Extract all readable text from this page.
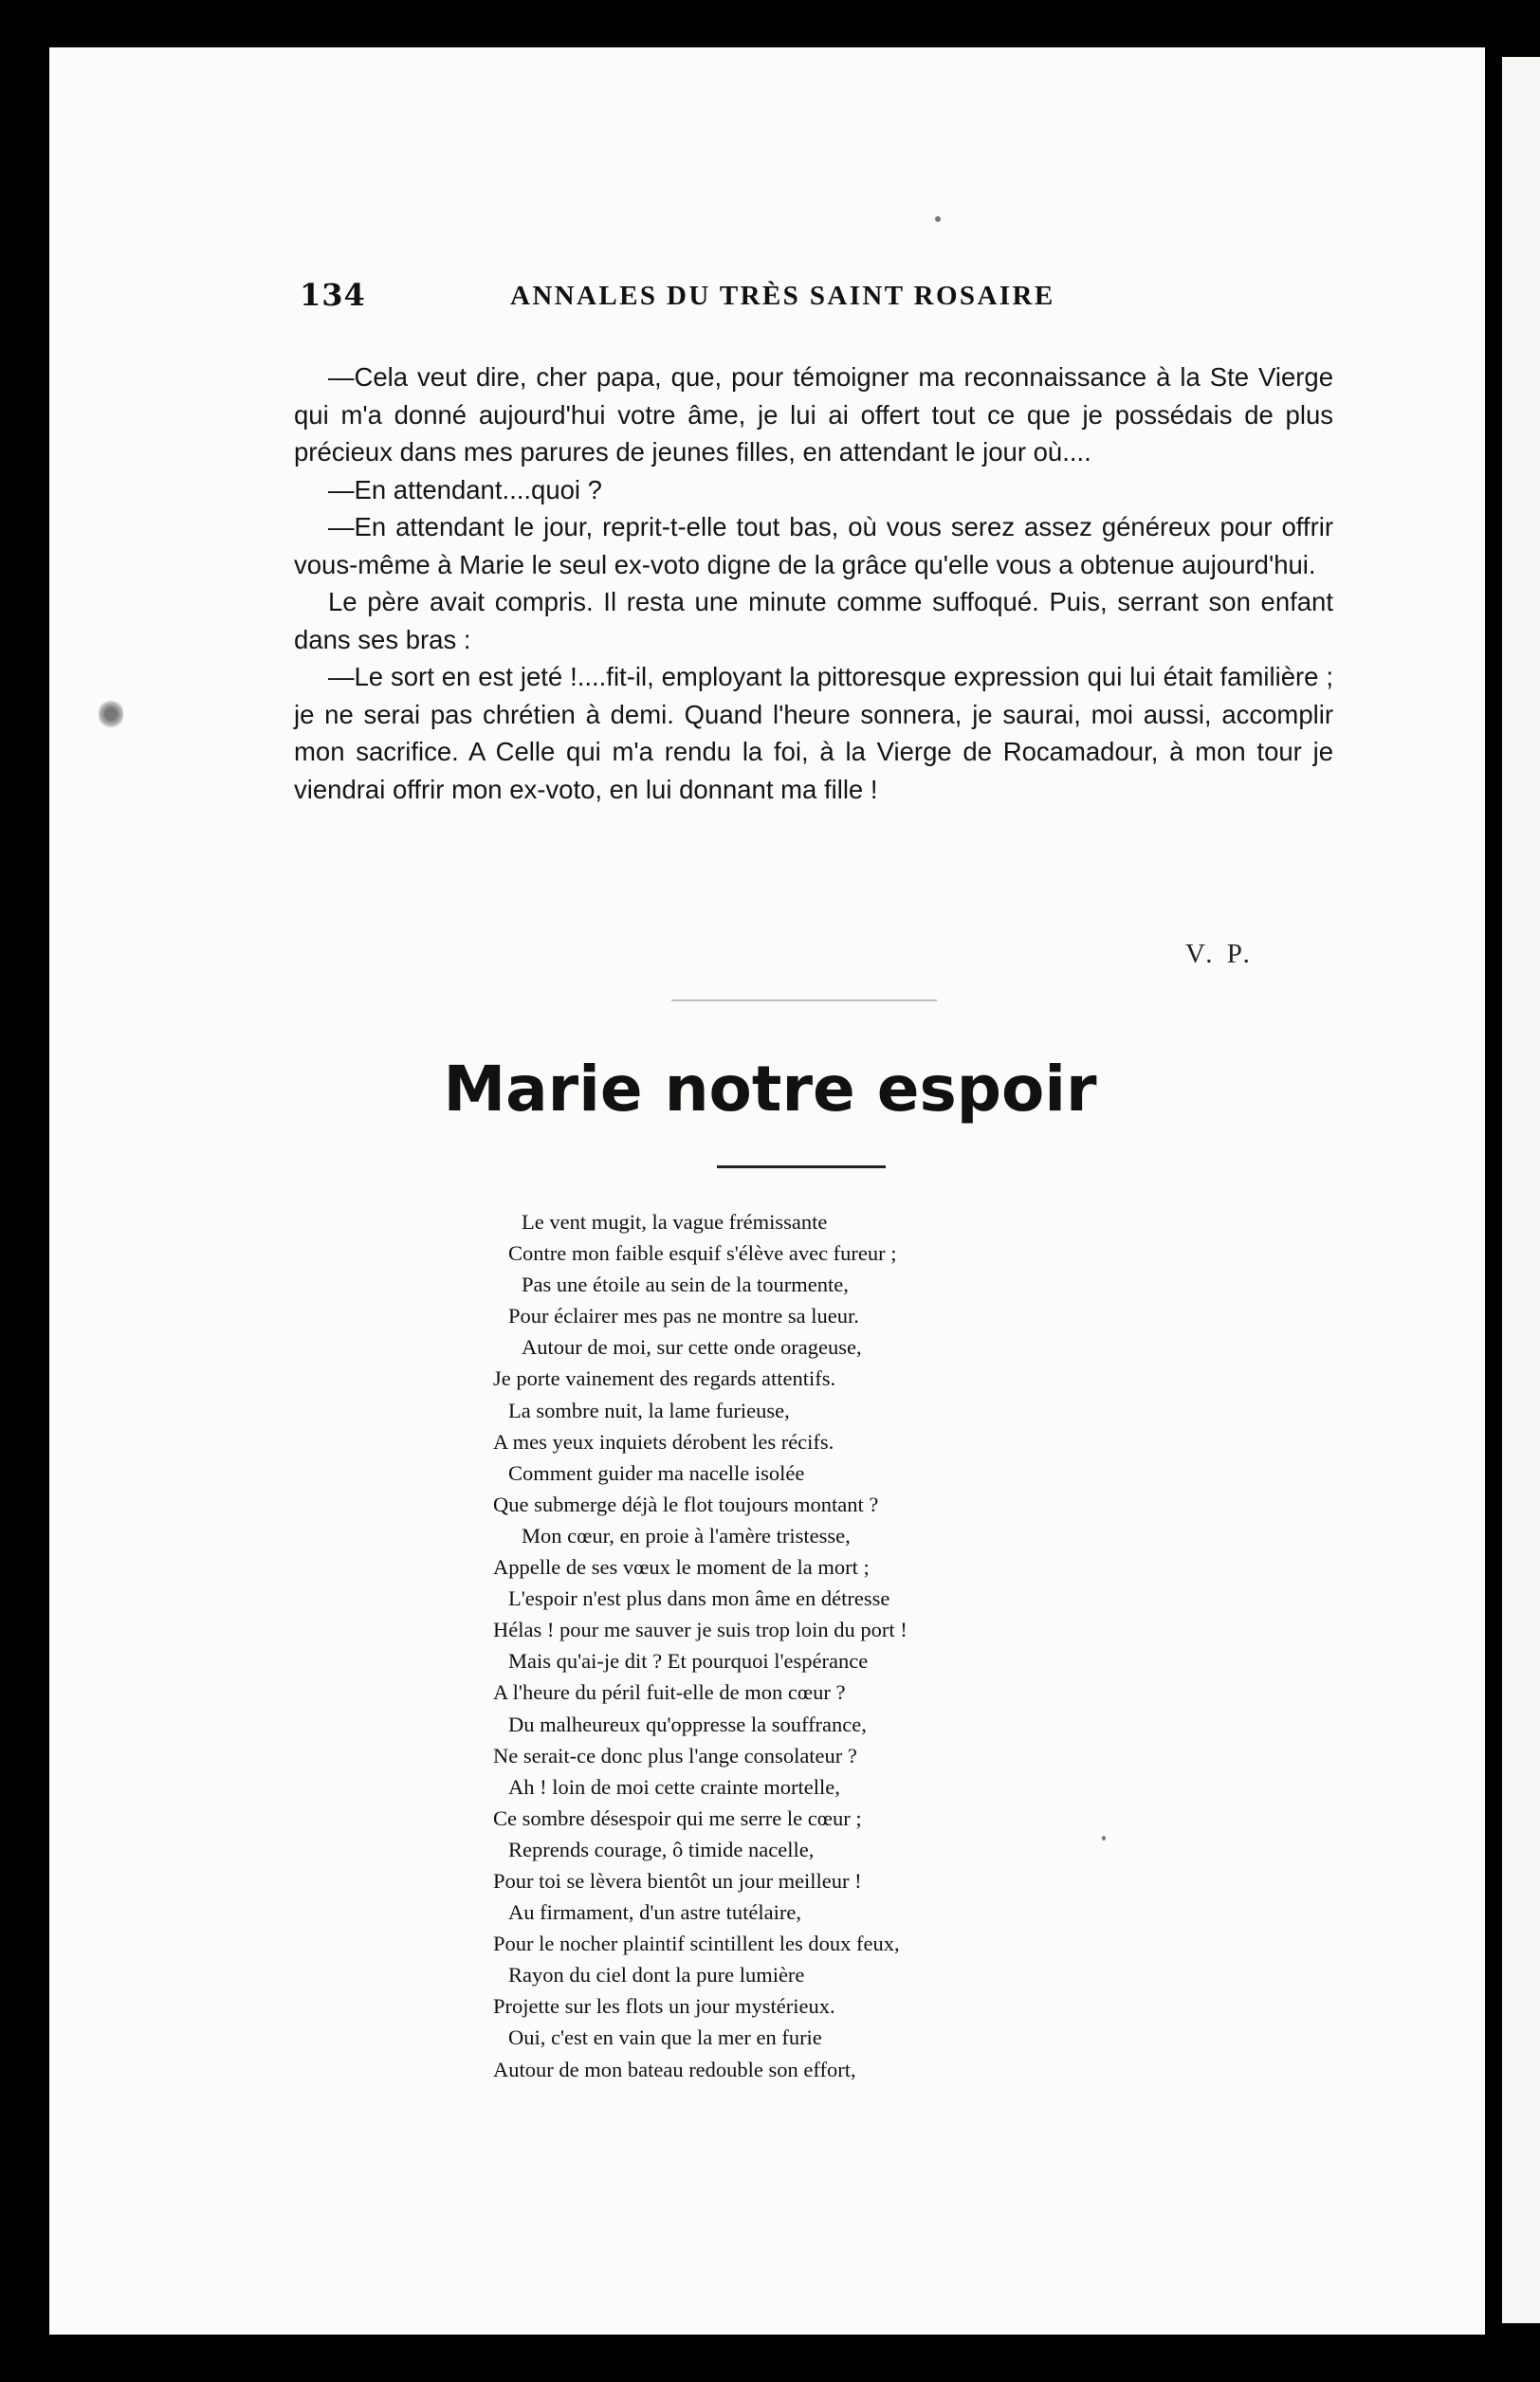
134	ANNALES DU TRÈS SAINT ROSAIRE

—Cela veut dire, cher papa, que, pour témoigner ma reconnaissance à la Ste Vierge qui m'a donné aujourd'hui votre âme, je lui ai offert tout ce que je possédais de plus précieux dans mes parures de jeunes filles, en attendant le jour où....

—En attendant....quoi ?

—En attendant le jour, reprit-t-elle tout bas, où vous serez assez généreux pour offrir vous-même à Marie le seul ex-voto digne de la grâce qu'elle vous a obtenue aujourd'hui.

Le père avait compris. Il resta une minute comme suffoqué. Puis, serrant son enfant dans ses bras :

—Le sort en est jeté !....fit-il, employant la pittoresque expression qui lui était familière ; je ne serai pas chrétien à demi. Quand l'heure sonnera, je saurai, moi aussi, accomplir mon sacrifice. A Celle qui m'a rendu la foi, à la Vierge de Rocamadour, à mon tour je viendrai offrir mon ex-voto, en lui donnant ma fille !

V. P.
Marie notre espoir
Le vent mugit, la vague frémissante
Contre mon faible esquif s'élève avec fureur ;
Pas une étoile au sein de la tourmente,
Pour éclairer mes pas ne montre sa lueur.
Autour de moi, sur cette onde orageuse,
Je porte vainement des regards attentifs.
La sombre nuit, la lame furieuse,
A mes yeux inquiets dérobent les récifs.
Comment guider ma nacelle isolée
Que submerge déjà le flot toujours montant ?
Mon cœur, en proie à l'amère tristesse,
Appelle de ses vœux le moment de la mort ;
L'espoir n'est plus dans mon âme en détresse
Hélas ! pour me sauver je suis trop loin du port !
Mais qu'ai-je dit ? Et pourquoi l'espérance
A l'heure du péril fuit-elle de mon cœur ?
Du malheureux qu'oppresse la souffrance,
Ne serait-ce donc plus l'ange consolateur ?
Ah ! loin de moi cette crainte mortelle,
Ce sombre désespoir qui me serre le cœur ;
Reprends courage, ô timide nacelle,
Pour toi se lèvera bientôt un jour meilleur !
Au firmament, d'un astre tutélaire,
Pour le nocher plaintif scintillent les doux feux,
Rayon du ciel dont la pure lumière
Projette sur les flots un jour mystérieux.
Oui, c'est en vain que la mer en furie
Autour de mon bateau redouble son effort,
